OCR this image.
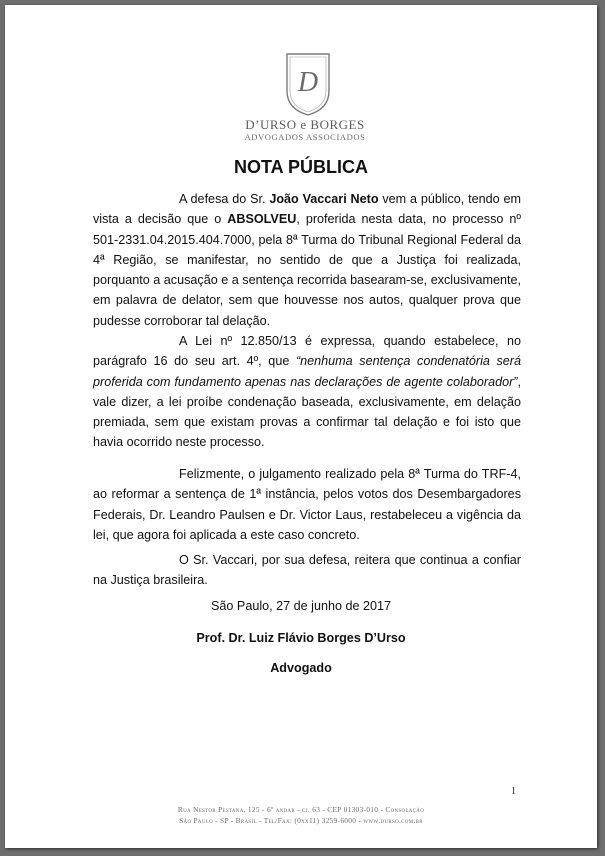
D
D’URSO e BORGES
ADVOGADOS ASSOCIADOS
NOTA PÚBLICA

A defesa do Sr. João Vaccari Neto vem a público, tendo em vista a decisão que o ABSOLVEU, proferida nesta data, no processo nº 501-2331.04.2015.404.7000, pela 8ª Turma do Tribunal Regional Federal da 4ª Região, se manifestar, no sentido de que a Justiça foi realizada, porquanto a acusação e a sentença recorrida basearam-se, exclusivamente, em palavra de delator, sem que houvesse nos autos, qualquer prova que pudesse corroborar tal delação.

A Lei nº 12.850/13 é expressa, quando estabelece, no parágrafo 16 do seu art. 4º, que “nenhuma sentença condenatória será proferida com fundamento apenas nas declarações de agente colaborador”, vale dizer, a lei proíbe condenação baseada, exclusivamente, em delação premiada, sem que existam provas a confirmar tal delação e foi isto que havia ocorrido neste processo.

Felizmente, o julgamento realizado pela 8ª Turma do TRF-4, ao reformar a sentença de 1ª instância, pelos votos dos Desembargadores Federais, Dr. Leandro Paulsen e Dr. Victor Laus, restabeleceu a vigência da lei, que agora foi aplicada a este caso concreto.

O Sr. Vaccari, por sua defesa, reitera que continua a confiar na Justiça brasileira.

São Paulo, 27 de junho de 2017
Prof. Dr. Luiz Flávio Borges D’Urso
Advogado
1
Rua Nestor Pestana, 125 - 6º andar - cj. 63 - CEP 01303-010 - Consolação
São Paulo - SP - Brasil - Tel/Fax: (0xx11) 3259-6000 - www.durso.com.br
